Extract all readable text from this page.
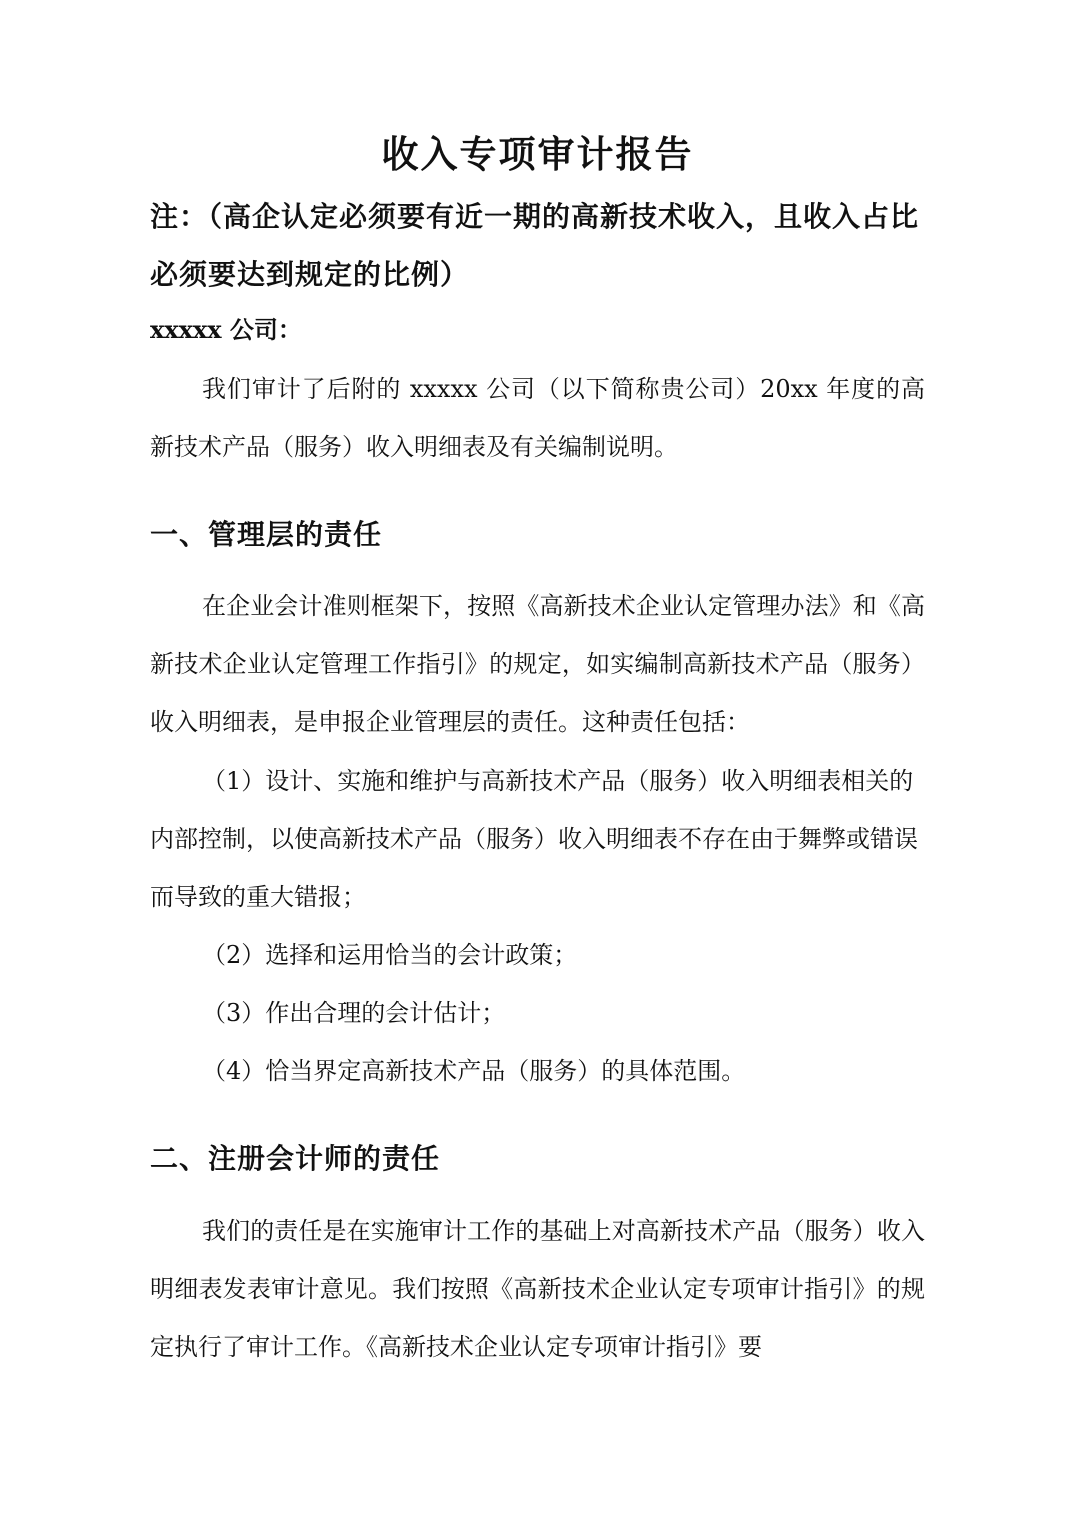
收入专项审计报告
注：（高企认定必须要有近一期的高新技术收入，且收入占比必须要达到规定的比例）
xxxxx 公司：

我们审计了后附的 xxxxx 公司（以下简称贵公司）20xx 年度的高新技术产品（服务）收入明细表及有关编制说明。

一、管理层的责任

在企业会计准则框架下，按照《高新技术企业认定管理办法》和《高新技术企业认定管理工作指引》的规定，如实编制高新技术产品（服务）收入明细表，是申报企业管理层的责任。这种责任包括：

（1）设计、实施和维护与高新技术产品（服务）收入明细表相关的内部控制，以使高新技术产品（服务）收入明细表不存在由于舞弊或错误而导致的重大错报；

（2）选择和运用恰当的会计政策；

（3）作出合理的会计估计；

（4）恰当界定高新技术产品（服务）的具体范围。

二、注册会计师的责任

我们的责任是在实施审计工作的基础上对高新技术产品（服务）收入明细表发表审计意见。我们按照《高新技术企业认定专项审计指引》的规定执行了审计工作。《高新技术企业认定专项审计指引》要
